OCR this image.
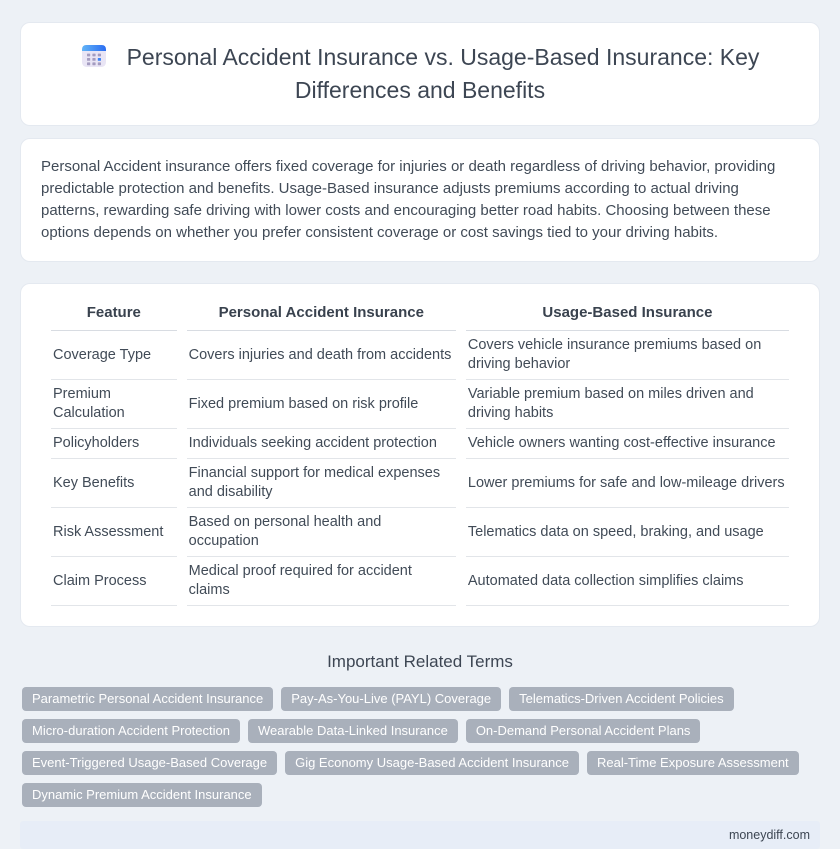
Personal Accident Insurance vs. Usage-Based Insurance: Key Differences and Benefits

Personal Accident insurance offers fixed coverage for injuries or death regardless of driving behavior, providing predictable protection and benefits. Usage-Based insurance adjusts premiums according to actual driving patterns, rewarding safe driving with lower costs and encouraging better road habits. Choosing between these options depends on whether you prefer consistent coverage or cost savings tied to your driving habits.

Feature	Personal Accident Insurance	Usage-Based Insurance
Coverage Type	Covers injuries and death from accidents	Covers vehicle insurance premiums based on driving behavior
Premium Calculation	Fixed premium based on risk profile	Variable premium based on miles driven and driving habits
Policyholders	Individuals seeking accident protection	Vehicle owners wanting cost-effective insurance
Key Benefits	Financial support for medical expenses and disability	Lower premiums for safe and low-mileage drivers
Risk Assessment	Based on personal health and occupation	Telematics data on speed, braking, and usage
Claim Process	Medical proof required for accident claims	Automated data collection simplifies claims
Important Related Terms
Parametric Personal Accident Insurance	Pay-As-You-Live (PAYL) Coverage	Telematics-Driven Accident Policies
Micro-duration Accident Protection	Wearable Data-Linked Insurance	On-Demand Personal Accident Plans
Event-Triggered Usage-Based Coverage	Gig Economy Usage-Based Accident Insurance	Real-Time Exposure Assessment
Dynamic Premium Accident Insurance
moneydiff.com
